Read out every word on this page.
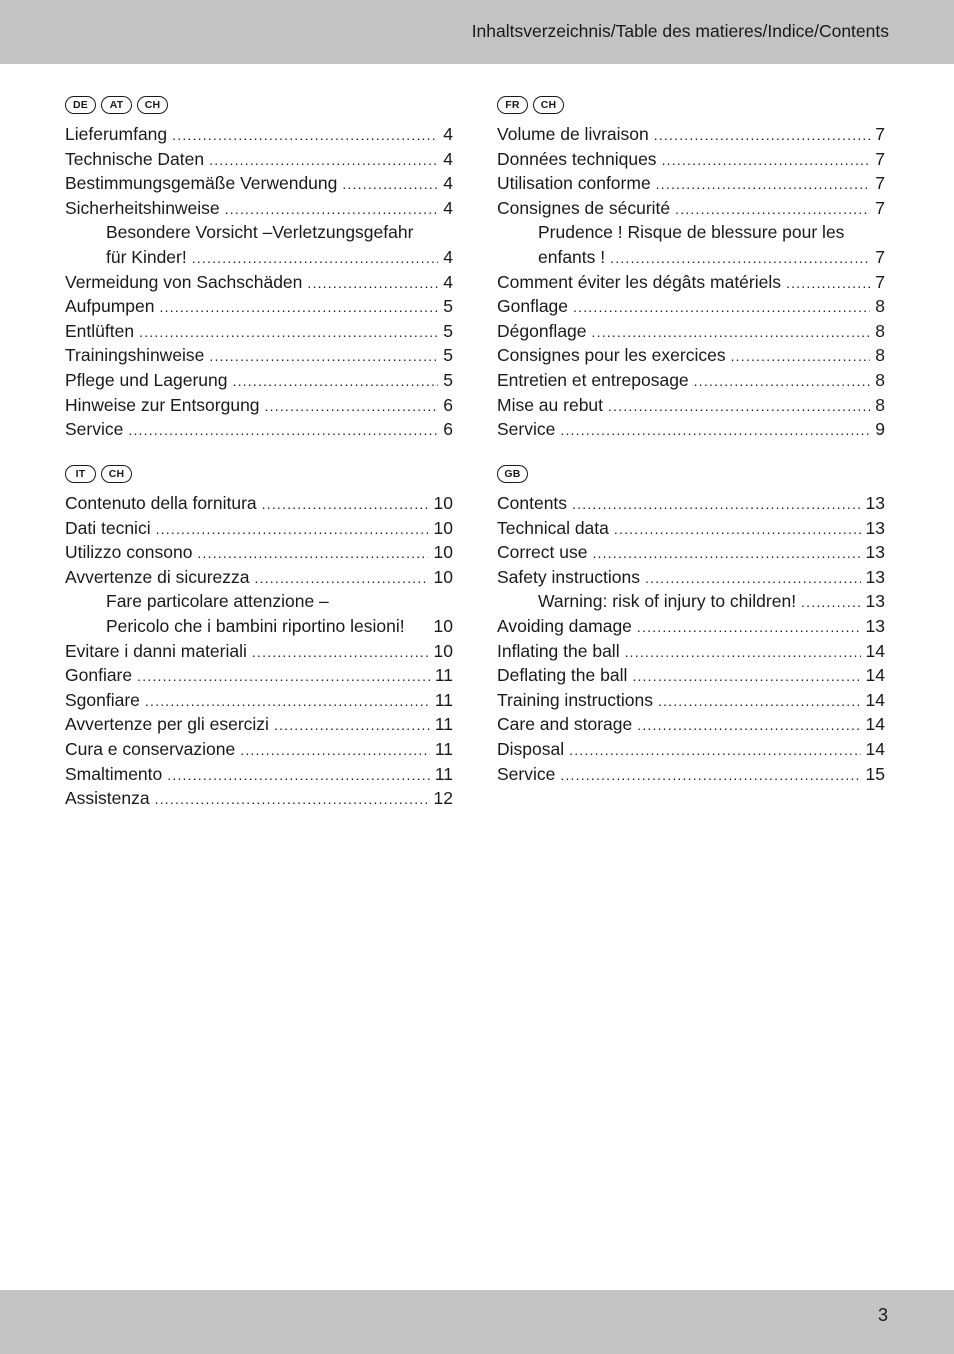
Inhaltsverzeichnis/Table des matieres/Indice/Contents
DE	AT	CH
Lieferumfang .....	4
Technische Daten .....	4
Bestimmungsgemäße Verwendung .....	4
Sicherheitshinweise .....	4
Besondere Vorsicht –Verletzungsgefahr
für Kinder! .....	4
Vermeidung von Sachschäden .....	4
Aufpumpen .....	5
Entlüften .....	5
Trainingshinweise .....	5
Pflege und Lagerung .....	5
Hinweise zur Entsorgung .....	6
Service .....	6
FR	CH
Volume de livraison .....	7
Données techniques .....	7
Utilisation conforme .....	7
Consignes de sécurité .....	7
Prudence ! Risque de blessure pour les
enfants ! .....	7
Comment éviter les dégâts matériels .....	7
Gonflage .....	8
Dégonflage .....	8
Consignes pour les exercices .....	8
Entretien et entreposage .....	8
Mise au rebut .....	8
Service .....	9
IT	CH
Contenuto della fornitura .....	10
Dati tecnici .....	10
Utilizzo consono .....	10
Avvertenze di sicurezza .....	10
Fare particolare attenzione –
Pericolo che i bambini riportino lesioni! 10
Evitare i danni materiali .....	10
Gonfiare .....	11
Sgonfiare .....	11
Avvertenze per gli esercizi .....	11
Cura e conservazione .....	11
Smaltimento .....	11
Assistenza .....	12
GB
Contents .....	13
Technical data .....	13
Correct use .....	13
Safety instructions .....	13
Warning: risk of injury to children! .....	13
Avoiding damage .....	13
Inflating the ball .....	14
Deflating the ball .....	14
Training instructions .....	14
Care and storage .....	14
Disposal .....	14
Service .....	15
3
